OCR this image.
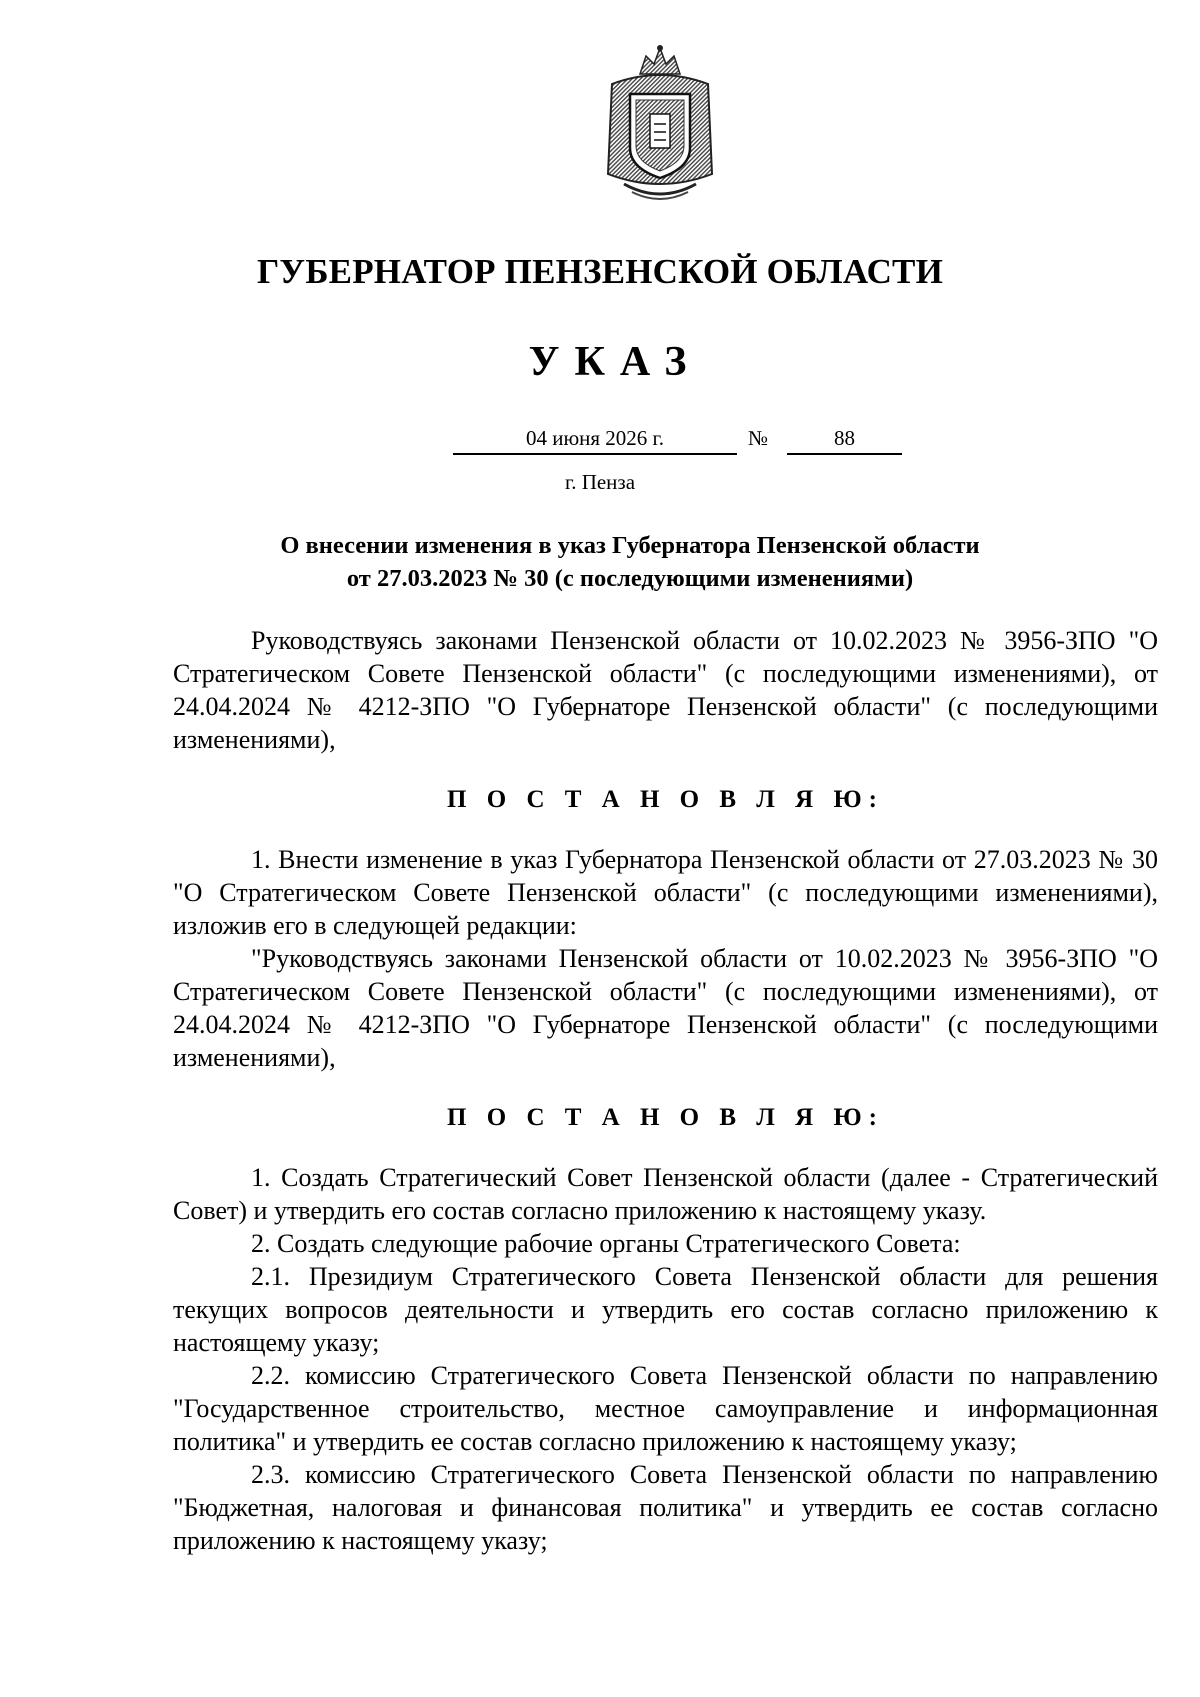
ГУБЕРНАТОР ПЕНЗЕНСКОЙ ОБЛАСТИ
УКАЗ
04 июня 2026 г.	№	88
г. Пенза
О внесении изменения в указ Губернатора Пензенской области
от 27.03.2023 № 30 (с последующими изменениями)

Руководствуясь законами Пензенской области от 10.02.2023 № 3956-ЗПО "О Стратегическом Совете Пензенской области" (с последующими изменениями), от 24.04.2024 № 4212-ЗПО "О Губернаторе Пензенской области" (с последующими изменениями),

П О С Т А Н О В Л Я Ю:

1. Внести изменение в указ Губернатора Пензенской области от 27.03.2023 № 30 "О Стратегическом Совете Пензенской области" (с последующими изменениями), изложив его в следующей редакции:

"Руководствуясь законами Пензенской области от 10.02.2023 № 3956-ЗПО "О Стратегическом Совете Пензенской области" (с последующими изменениями), от 24.04.2024 № 4212-ЗПО "О Губернаторе Пензенской области" (с последующими изменениями),

П О С Т А Н О В Л Я Ю:

1. Создать Стратегический Совет Пензенской области (далее - Стратегический Совет) и утвердить его состав согласно приложению к настоящему указу.

2. Создать следующие рабочие органы Стратегического Совета:

2.1. Президиум Стратегического Совета Пензенской области для решения текущих вопросов деятельности и утвердить его состав согласно приложению к настоящему указу;

2.2. комиссию Стратегического Совета Пензенской области по направлению "Государственное строительство, местное самоуправление и информационная политика" и утвердить ее состав согласно приложению к настоящему указу;

2.3. комиссию Стратегического Совета Пензенской области по направлению "Бюджетная, налоговая и финансовая политика" и утвердить ее состав согласно приложению к настоящему указу;
